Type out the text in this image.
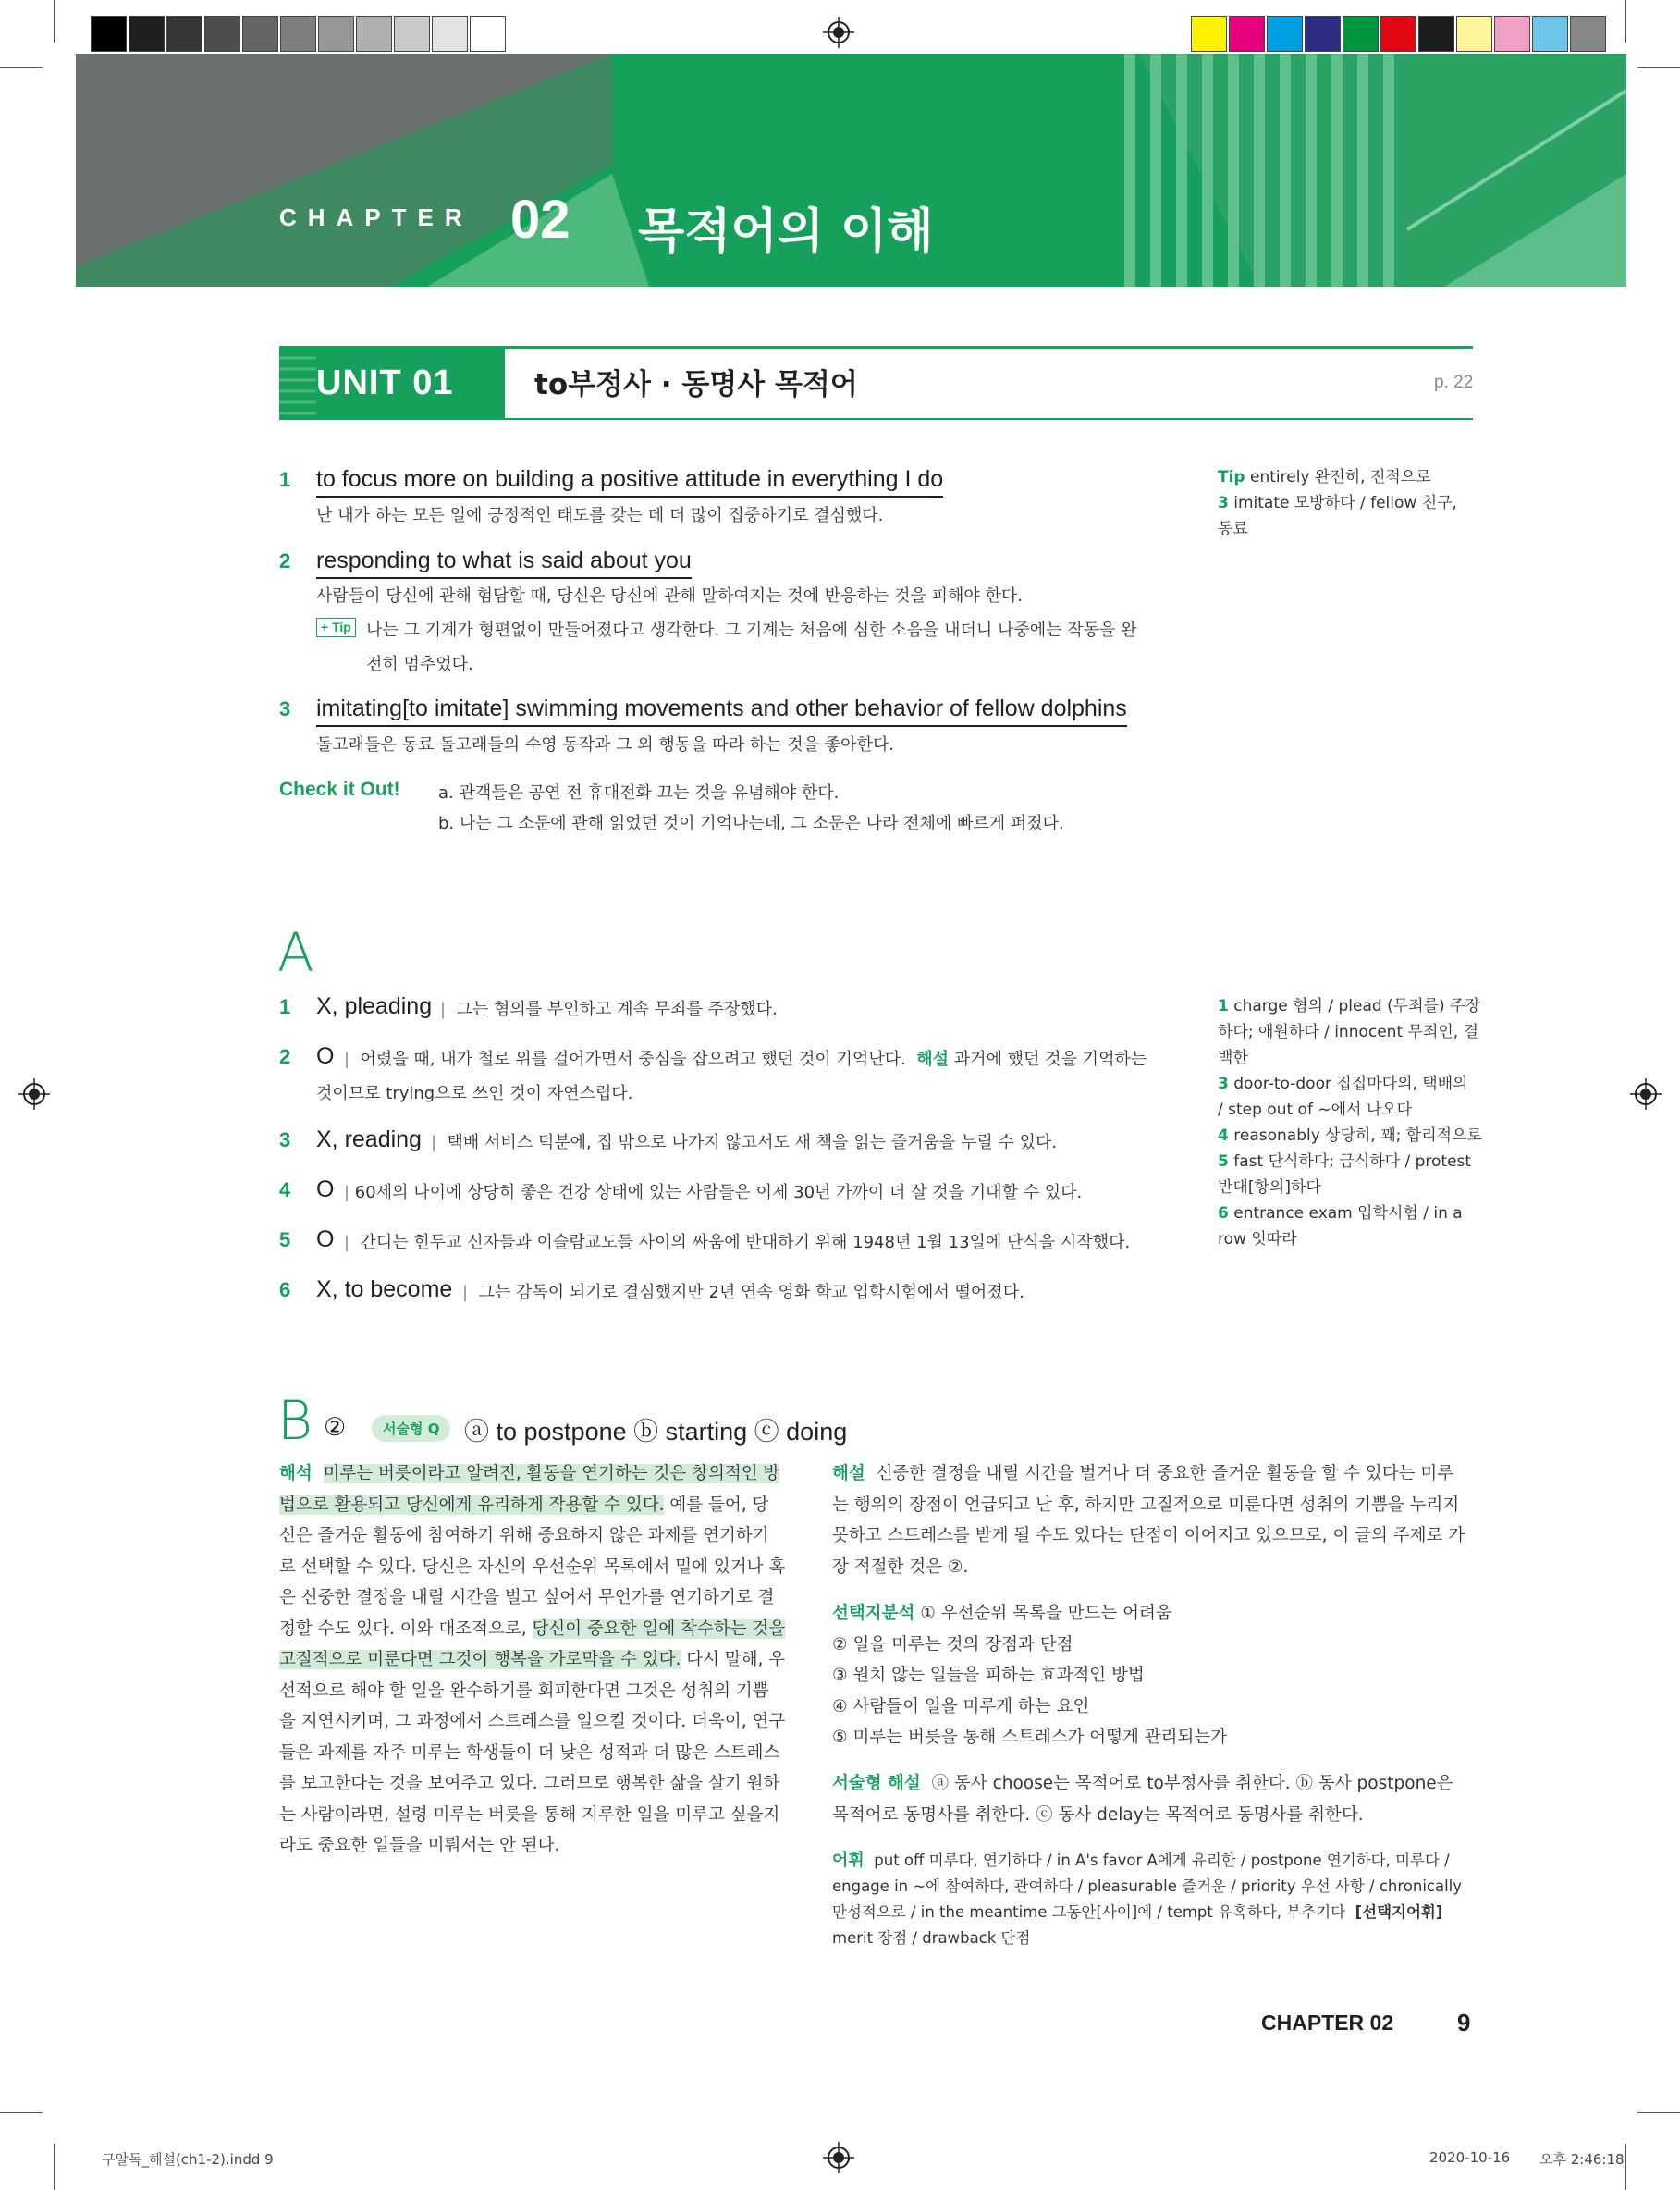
CHAPTER 02 목적어의 이해
UNIT 01	to부정사 · 동명사 목적어	p. 22
1 to focus more on building a positive attitude in everything I do
난 내가 하는 모든 일에 긍정적인 태도를 갖는 데 더 많이 집중하기로 결심했다.
2 responding to what is said about you
사람들이 당신에 관해 험담할 때, 당신은 당신에 관해 말하여지는 것에 반응하는 것을 피해야 한다.
+ Tip 나는 그 기계가 형편없이 만들어졌다고 생각한다. 그 기계는 처음에 심한 소음을 내더니 나중에는 작동을 완
전히 멈추었다.
3 imitating[to imitate] swimming movements and other behavior of fellow dolphins
돌고래들은 동료 돌고래들의 수영 동작과 그 외 행동을 따라 하는 것을 좋아한다.
Check it Out! a. 관객들은 공연 전 휴대전화 끄는 것을 유념해야 한다.
b. 나는 그 소문에 관해 읽었던 것이 기억나는데, 그 소문은 나라 전체에 빠르게 퍼졌다.
Tip entirely 완전히, 전적으로
3 imitate 모방하다 / fellow 친구,
동료
A
1 X, pleading |  그는 혐의를 부인하고 계속 무죄를 주장했다.
2 O |  어렸을 때, 내가 철로 위를 걸어가면서 중심을 잡으려고 했던 것이 기억난다. 해설 과거에 했던 것을 기억하는
것이므로 trying으로 쓰인 것이 자연스럽다.
3 X, reading |  택배 서비스 덕분에, 집 밖으로 나가지 않고서도 새 책을 읽는 즐거움을 누릴 수 있다.
4 O | 60세의 나이에 상당히 좋은 건강 상태에 있는 사람들은 이제 30년 가까이 더 살 것을 기대할 수 있다.
5 O |  간디는 힌두교 신자들과 이슬람교도들 사이의 싸움에 반대하기 위해 1948년 1월 13일에 단식을 시작했다.
6 X, to become |  그는 감독이 되기로 결심했지만 2년 연속 영화 학교 입학시험에서 떨어졌다.
1 charge 혐의 / plead (무죄를) 주장
하다; 애원하다 / innocent 무죄인, 결
백한
3 door-to-door 집집마다의, 택배의
/ step out of ~에서 나오다
4 reasonably 상당히, 꽤; 합리적으로
5 fast 단식하다; 금식하다 / protest
반대[항의]하다
6 entrance exam 입학시험 / in a
row 잇따라
B ②	서술형 Q ⓐ to postpone ⓑ starting ⓒ doing
해석 미루는 버릇이라고 알려진, 활동을 연기하는 것은 창의적인 방
법으로 활용되고 당신에게 유리하게 작용할 수 있다. 예를 들어, 당
신은 즐거운 활동에 참여하기 위해 중요하지 않은 과제를 연기하기
로 선택할 수 있다. 당신은 자신의 우선순위 목록에서 밑에 있거나 혹
은 신중한 결정을 내릴 시간을 벌고 싶어서 무언가를 연기하기로 결
정할 수도 있다. 이와 대조적으로, 당신이 중요한 일에 착수하는 것을
고질적으로 미룬다면 그것이 행복을 가로막을 수 있다. 다시 말해, 우
선적으로 해야 할 일을 완수하기를 회피한다면 그것은 성취의 기쁨
을 지연시키며, 그 과정에서 스트레스를 일으킬 것이다. 더욱이, 연구
들은 과제를 자주 미루는 학생들이 더 낮은 성적과 더 많은 스트레스
를 보고한다는 것을 보여주고 있다. 그러므로 행복한 삶을 살기 원하
는 사람이라면, 설령 미루는 버릇을 통해 지루한 일을 미루고 싶을지
라도 중요한 일들을 미뤄서는 안 된다.
해설 신중한 결정을 내릴 시간을 벌거나 더 중요한 즐거운 활동을 할 수 있다는 미루
는 행위의 장점이 언급되고 난 후, 하지만 고질적으로 미룬다면 성취의 기쁨을 누리지
못하고 스트레스를 받게 될 수도 있다는 단점이 이어지고 있으므로, 이 글의 주제로 가
장 적절한 것은 ②.
선택지분석 ① 우선순위 목록을 만드는 어려움
② 일을 미루는 것의 장점과 단점
③ 원치 않는 일들을 피하는 효과적인 방법
④ 사람들이 일을 미루게 하는 요인
⑤ 미루는 버릇을 통해 스트레스가 어떻게 관리되는가
서술형 해설 ⓐ 동사 choose는 목적어로 to부정사를 취한다. ⓑ 동사 postpone은
목적어로 동명사를 취한다. ⓒ 동사 delay는 목적어로 동명사를 취한다.
어휘 put off 미루다, 연기하다 / in A's favor A에게 유리한 / postpone 연기하다, 미루다 /
engage in ~에 참여하다, 관여하다 / pleasurable 즐거운 / priority 우선 사항 / chronically
만성적으로 / in the meantime 그동안[사이]에 / tempt 유혹하다, 부추기다 [선택지어휘]
merit 장점 / drawback 단점
CHAPTER 02	9
구알독_해설(ch1-2).indd 9	2020-10-16 오후 2:46:18
